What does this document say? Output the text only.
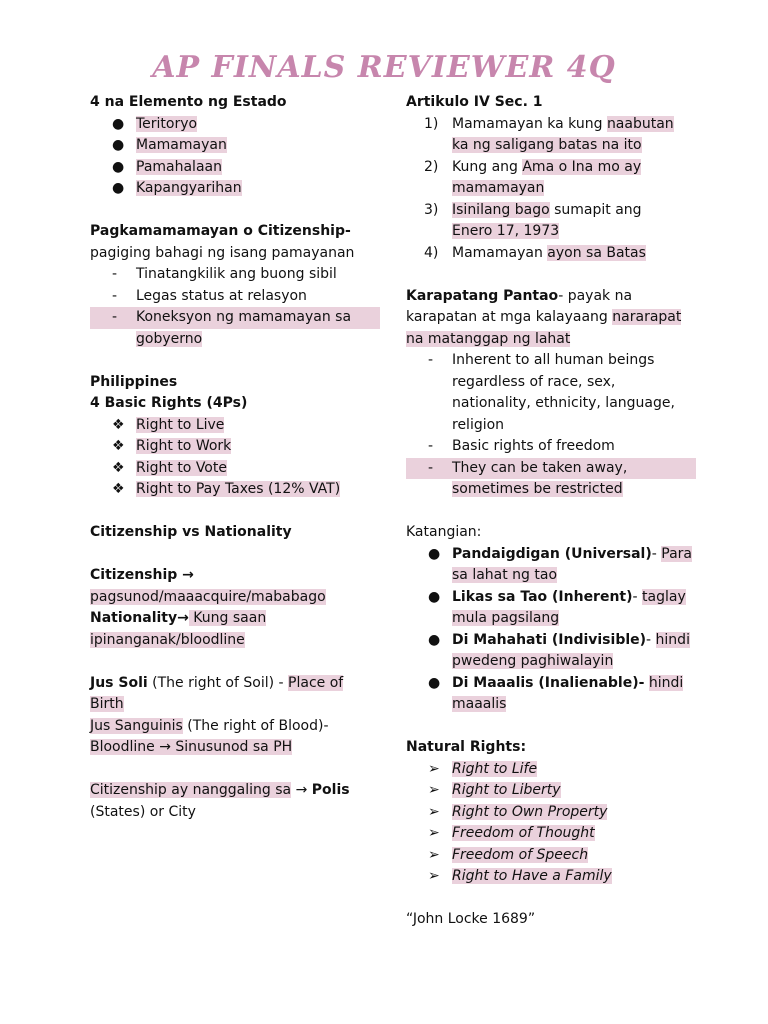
AP FINALS REVIEWER 4Q
4 na Elemento ng Estado
● Teritoryo
● Mamamayan
● Pamahalaan
● Kapangyarihan
Pagkamamamayan o Citizenship-
pagiging bahagi ng isang pamayanan
-	Tinatangkilik ang buong sibil
-	Legas status at relasyon
-	Koneksyon ng mamamayan sa
gobyerno
Philippines
4 Basic Rights (4Ps)
❖ Right to Live
❖ Right to Work
❖ Right to Vote
❖ Right to Pay Taxes (12% VAT)
Citizenship vs Nationality
Citizenship →
pagsunod/maaacquire/mababago
Nationality→ Kung saan
ipinanganak/bloodline
Jus Soli (The right of Soil) - Place of
Birth
Jus Sanguinis (The right of Blood)-
Bloodline → Sinusunod sa PH
Citizenship ay nanggaling sa → Polis
(States) or City
Artikulo IV Sec. 1
1) Mamamayan ka kung naabutan
ka ng saligang batas na ito
2) Kung ang Ama o Ina mo ay
mamamayan
3) Isinilang bago sumapit ang
Enero 17, 1973
4) Mamamayan ayon sa Batas
Karapatang Pantao- payak na
karapatan at mga kalayaang nararapat
na matanggap ng lahat
-	Inherent to all human beings
regardless of race, sex,
nationality, ethnicity, language,
religion
-	Basic rights of freedom
-	They can be taken away,
sometimes be restricted
Katangian:
● Pandaigdigan (Universal)- Para
sa lahat ng tao
● Likas sa Tao (Inherent)- taglay
mula pagsilang
● Di Mahahati (Indivisible)- hindi
pwedeng paghiwalayin
● Di Maaalis (Inalienable)- hindi
maaalis
Natural Rights:
➢ Right to Life
➢ Right to Liberty
➢ Right to Own Property
➢ Freedom of Thought
➢ Freedom of Speech
➢ Right to Have a Family
“John Locke 1689”
